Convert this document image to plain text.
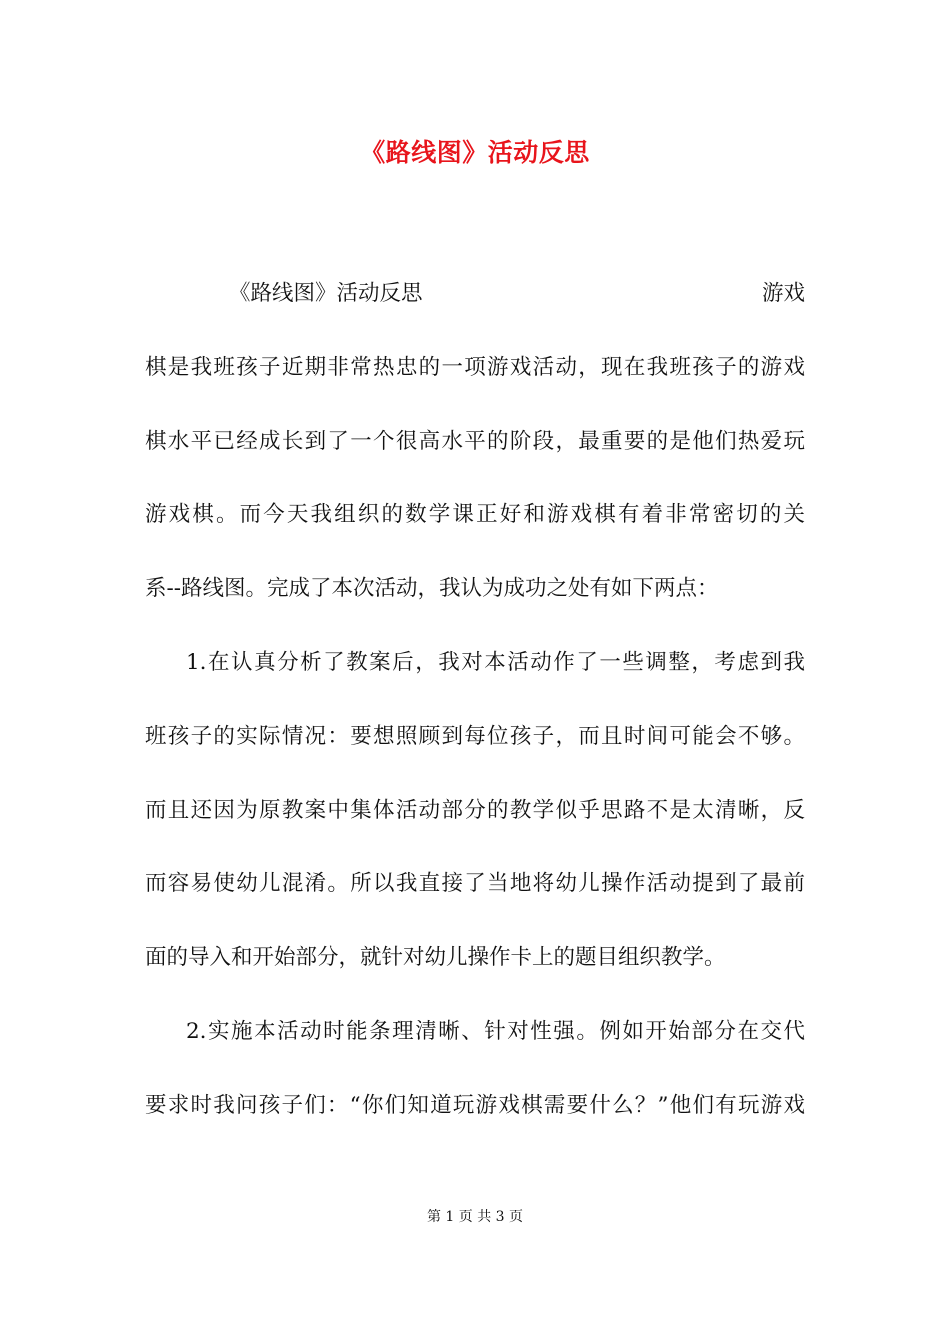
《路线图》活动反思
《路线图》活动反思	游戏
棋是我班孩子近期非常热忠的一项游戏活动，现在我班孩子的游戏
棋水平已经成长到了一个很高水平的阶段，最重要的是他们热爱玩
游戏棋。而今天我组织的数学课正好和游戏棋有着非常密切的关
系--路线图。完成了本次活动，我认为成功之处有如下两点：
1.在认真分析了教案后，我对本活动作了一些调整，考虑到我
班孩子的实际情况：要想照顾到每位孩子，而且时间可能会不够。
而且还因为原教案中集体活动部分的教学似乎思路不是太清晰，反
而容易使幼儿混淆。所以我直接了当地将幼儿操作活动提到了最前
面的导入和开始部分，就针对幼儿操作卡上的题目组织教学。
2.实施本活动时能条理清晰、针对性强。例如开始部分在交代
要求时我问孩子们：“你们知道玩游戏棋需要什么？”他们有玩游戏
第 1 页 共 3 页
